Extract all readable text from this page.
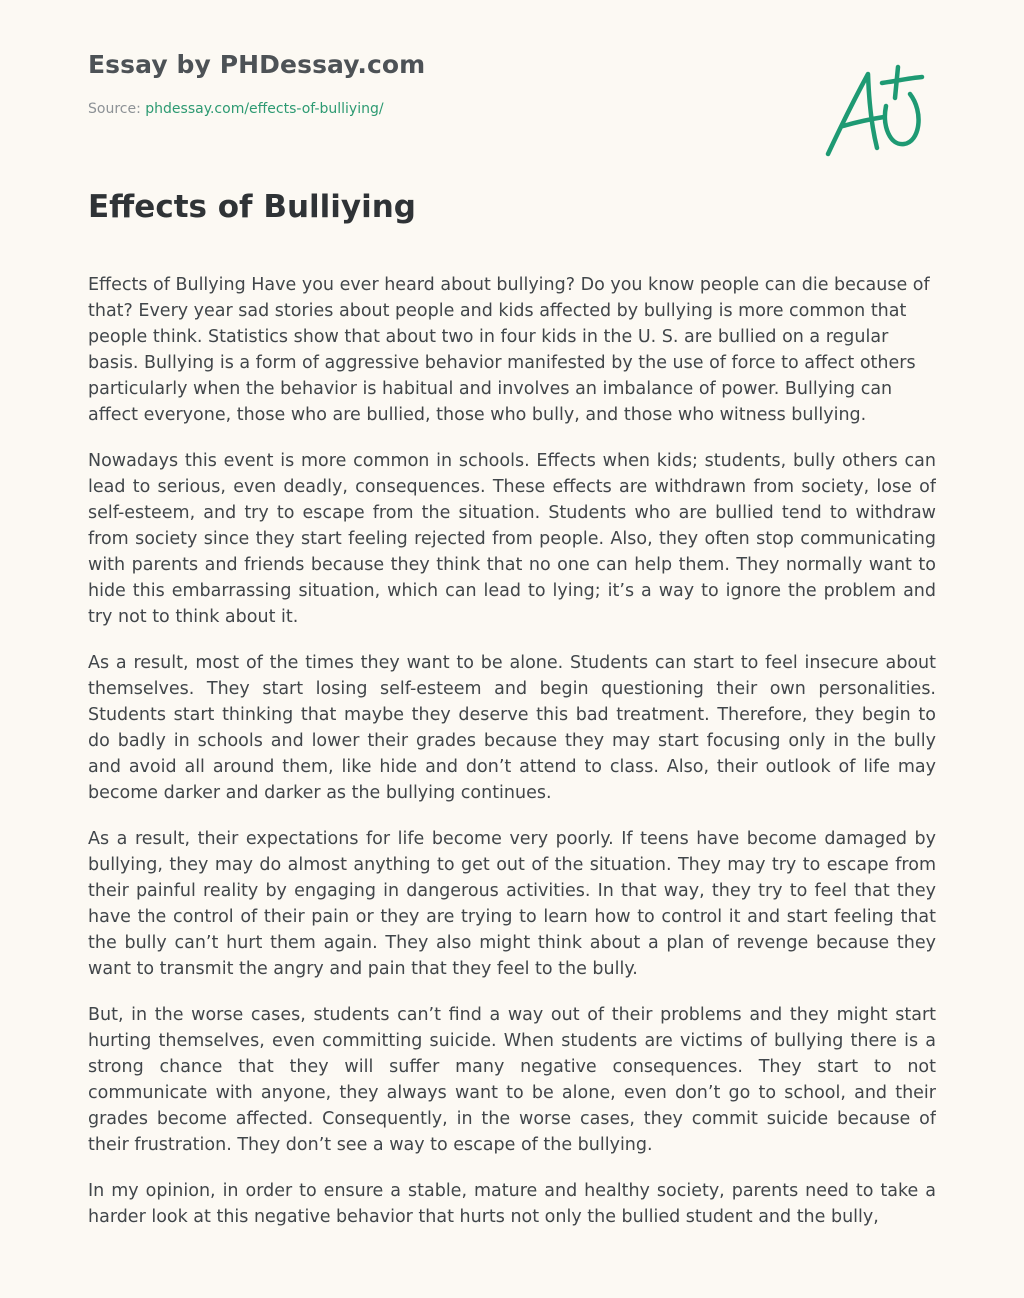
Essay by PHDessay.com
Source: phdessay.com/effects-of-bulliying/
Effects of Bulliying

Effects of Bullying Have you ever heard about bullying? Do you know people can die because of that? Every year sad stories about people and kids affected by bullying is more common that people think. Statistics show that about two in four kids in the U. S. are bullied on a regular basis. Bullying is a form of aggressive behavior manifested by the use of force to affect others particularly when the behavior is habitual and involves an imbalance of power. Bullying can affect everyone, those who are bullied, those who bully, and those who witness bullying.

Nowadays this event is more common in schools. Effects when kids; students, bully others can lead to serious, even deadly, consequences. These effects are withdrawn from society, lose of self-esteem, and try to escape from the situation. Students who are bullied tend to withdraw from society since they start feeling rejected from people. Also, they often stop communicating with parents and friends because they think that no one can help them. They normally want to hide this embarrassing situation, which can lead to lying; it’s a way to ignore the problem and try not to think about it.

As a result, most of the times they want to be alone. Students can start to feel insecure about themselves. They start losing self-esteem and begin questioning their own personalities. Students start thinking that maybe they deserve this bad treatment. Therefore, they begin to do badly in schools and lower their grades because they may start focusing only in the bully and avoid all around them, like hide and don’t attend to class. Also, their outlook of life may become darker and darker as the bullying continues.

As a result, their expectations for life become very poorly. If teens have become damaged by bullying, they may do almost anything to get out of the situation. They may try to escape from their painful reality by engaging in dangerous activities. In that way, they try to feel that they have the control of their pain or they are trying to learn how to control it and start feeling that the bully can’t hurt them again. They also might think about a plan of revenge because they want to transmit the angry and pain that they feel to the bully.

But, in the worse cases, students can’t find a way out of their problems and they might start hurting themselves, even committing suicide. When students are victims of bullying there is a strong chance that they will suffer many negative consequences. They start to not communicate with anyone, they always want to be alone, even don’t go to school, and their grades become affected. Consequently, in the worse cases, they commit suicide because of their frustration. They don’t see a way to escape of the bullying.

In my opinion, in order to ensure a stable, mature and healthy society, parents need to take a harder look at this negative behavior that hurts not only the bullied student and the bully,
